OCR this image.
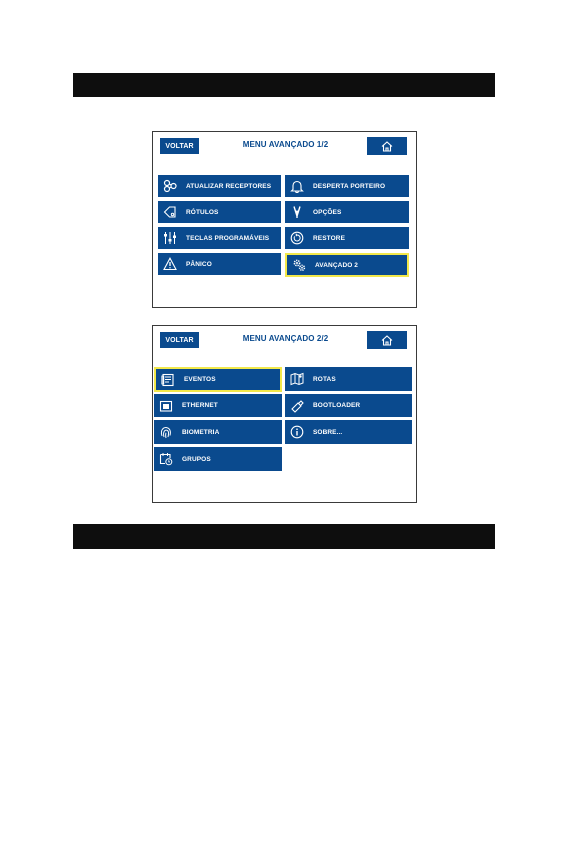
VOLTAR	MENU AVANÇADO 1/2
ATUALIZAR RECEPTORES	DESPERTA PORTEIRO
RÓTULOS	OPÇÕES
TECLAS PROGRAMÁVEIS	RESTORE
PÂNICO	AVANÇADO 2
VOLTAR	MENU AVANÇADO 2/2
EVENTOS	ROTAS
ETHERNET	BOOTLOADER
BIOMETRIA	SOBRE...
GRUPOS
